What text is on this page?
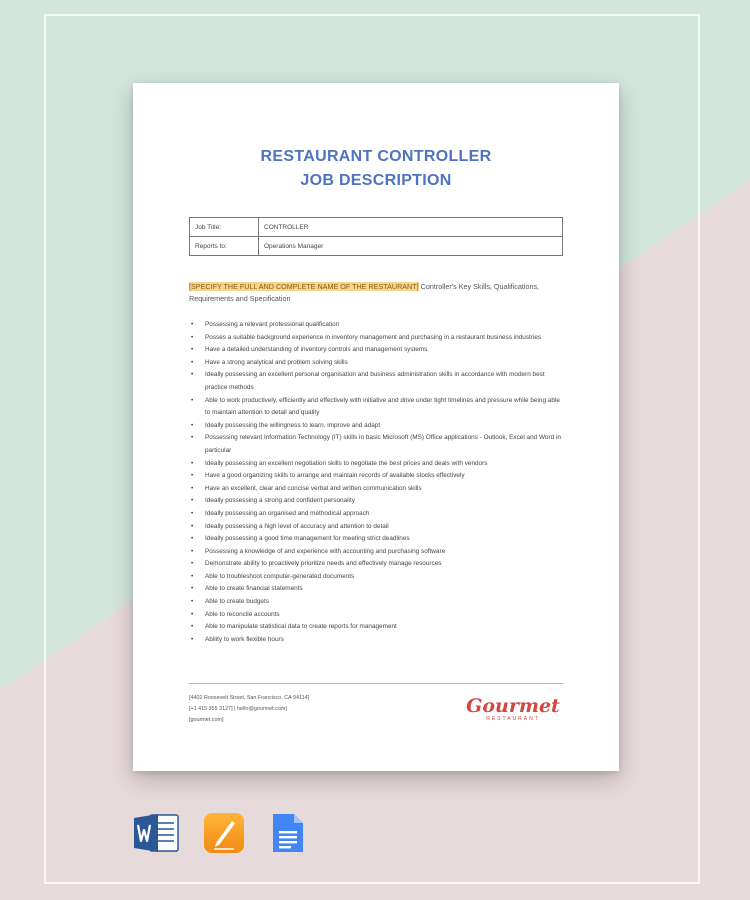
RESTAURANT CONTROLLER
JOB DESCRIPTION
Job Title:	CONTROLLER
Reports to:	Operations Manager
[SPECIFY THE FULL AND COMPLETE NAME OF THE RESTAURANT] Controller's Key Skills, Qualifications, Requirements and Specification
• Possessing a relevant professional qualification
• Posses a suitable background experience in inventory management and purchasing in a restaurant business industries
• Have a detailed understanding of inventory controls and management systems
• Have a strong analytical and problem solving skills
• Ideally possessing an excellent personal organisation and business administration skills in accordance with modern best practice methods
• Able to work productively, efficiently and effectively with initiative and drive under tight timelines and pressure while being able to maintain attention to detail and quality
• Ideally possessing the willingness to learn, improve and adapt
• Possessing relevant Information Technology (IT) skills in basic Microsoft (MS) Office applications - Outlook, Excel and Word in particular
• Ideally possessing an excellent negotiation skills to negotiate the best prices and deals with vendors
• Have a good organizing skills to arrange and maintain records of available stocks effectively
• Have an excellent, clear and concise verbal and written communication skills
• Ideally possessing a strong and confident personality
• Ideally possessing an organised and methodical approach
• Ideally possessing a high level of accuracy and attention to detail
• Ideally possessing a good time management for meeting strict deadlines
• Possessing a knowledge of and experience with accounting and purchasing software
• Demonstrate ability to proactively prioritize needs and effectively manage resources
• Able to troubleshoot computer-generated documents
• Able to create financial statements
• Able to create budgets
• Able to reconcile accounts
• Able to manipulate statistical data to create reports for management
• Ability to work flexible hours
[4402 Roosevelt Street, San Francisco, CA 94114]
[+1 415 355 3127] | hello@gourmet.com]
[gourmet.com]
Gourmet
RESTAURANT
